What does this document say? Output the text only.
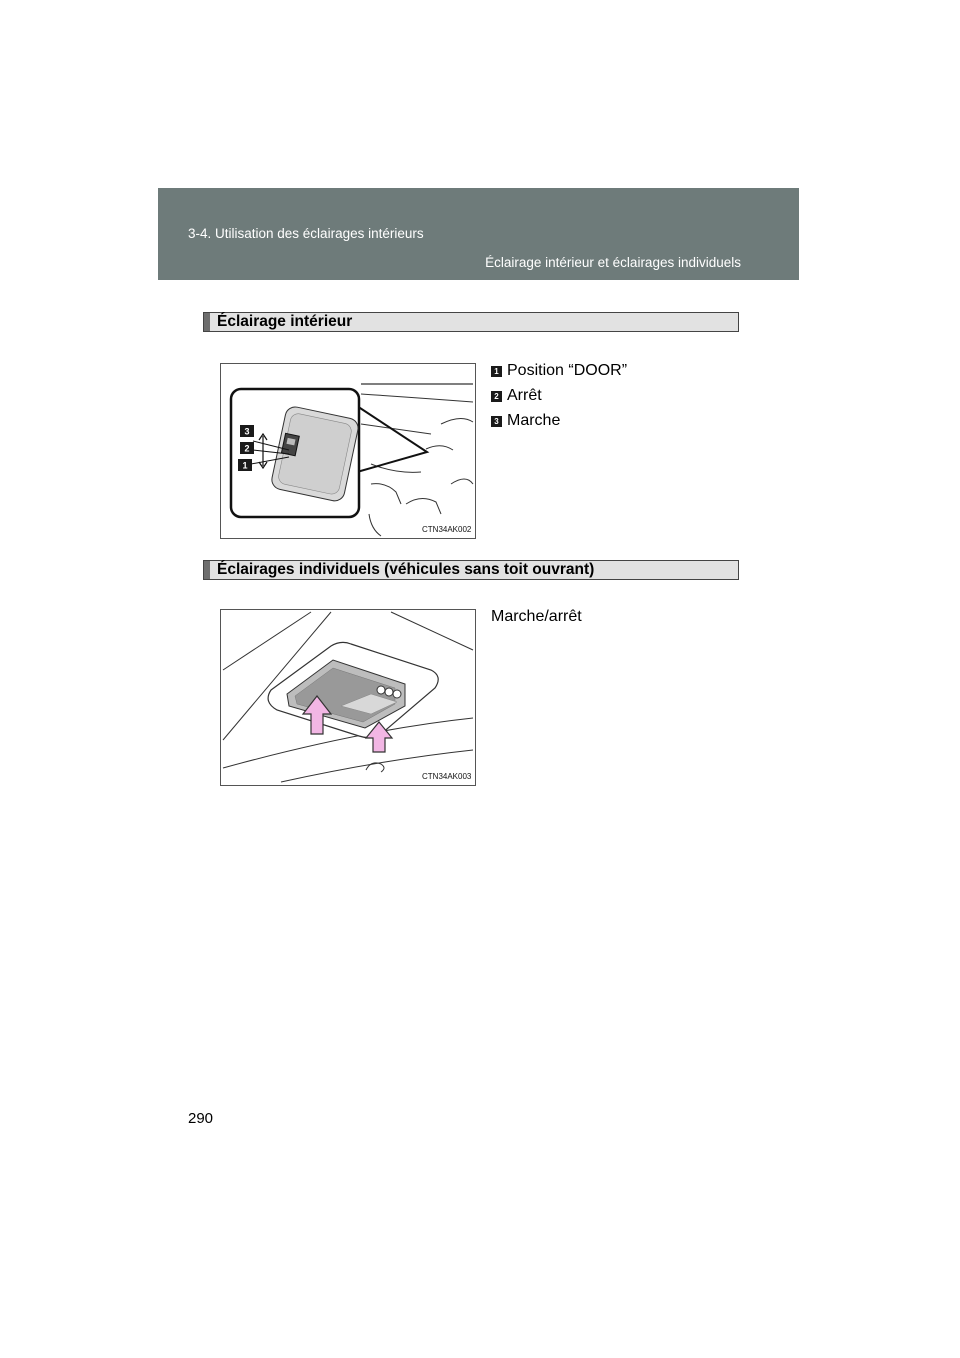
3-4. Utilisation des éclairages intérieurs
Éclairage intérieur et éclairages individuels
Éclairage intérieur
3
2
1
CTN34AK002
1 Position “DOOR”
2 Arrêt
3 Marche
Éclairages individuels (véhicules sans toit ouvrant)
CTN34AK003
Marche/arrêt
290
